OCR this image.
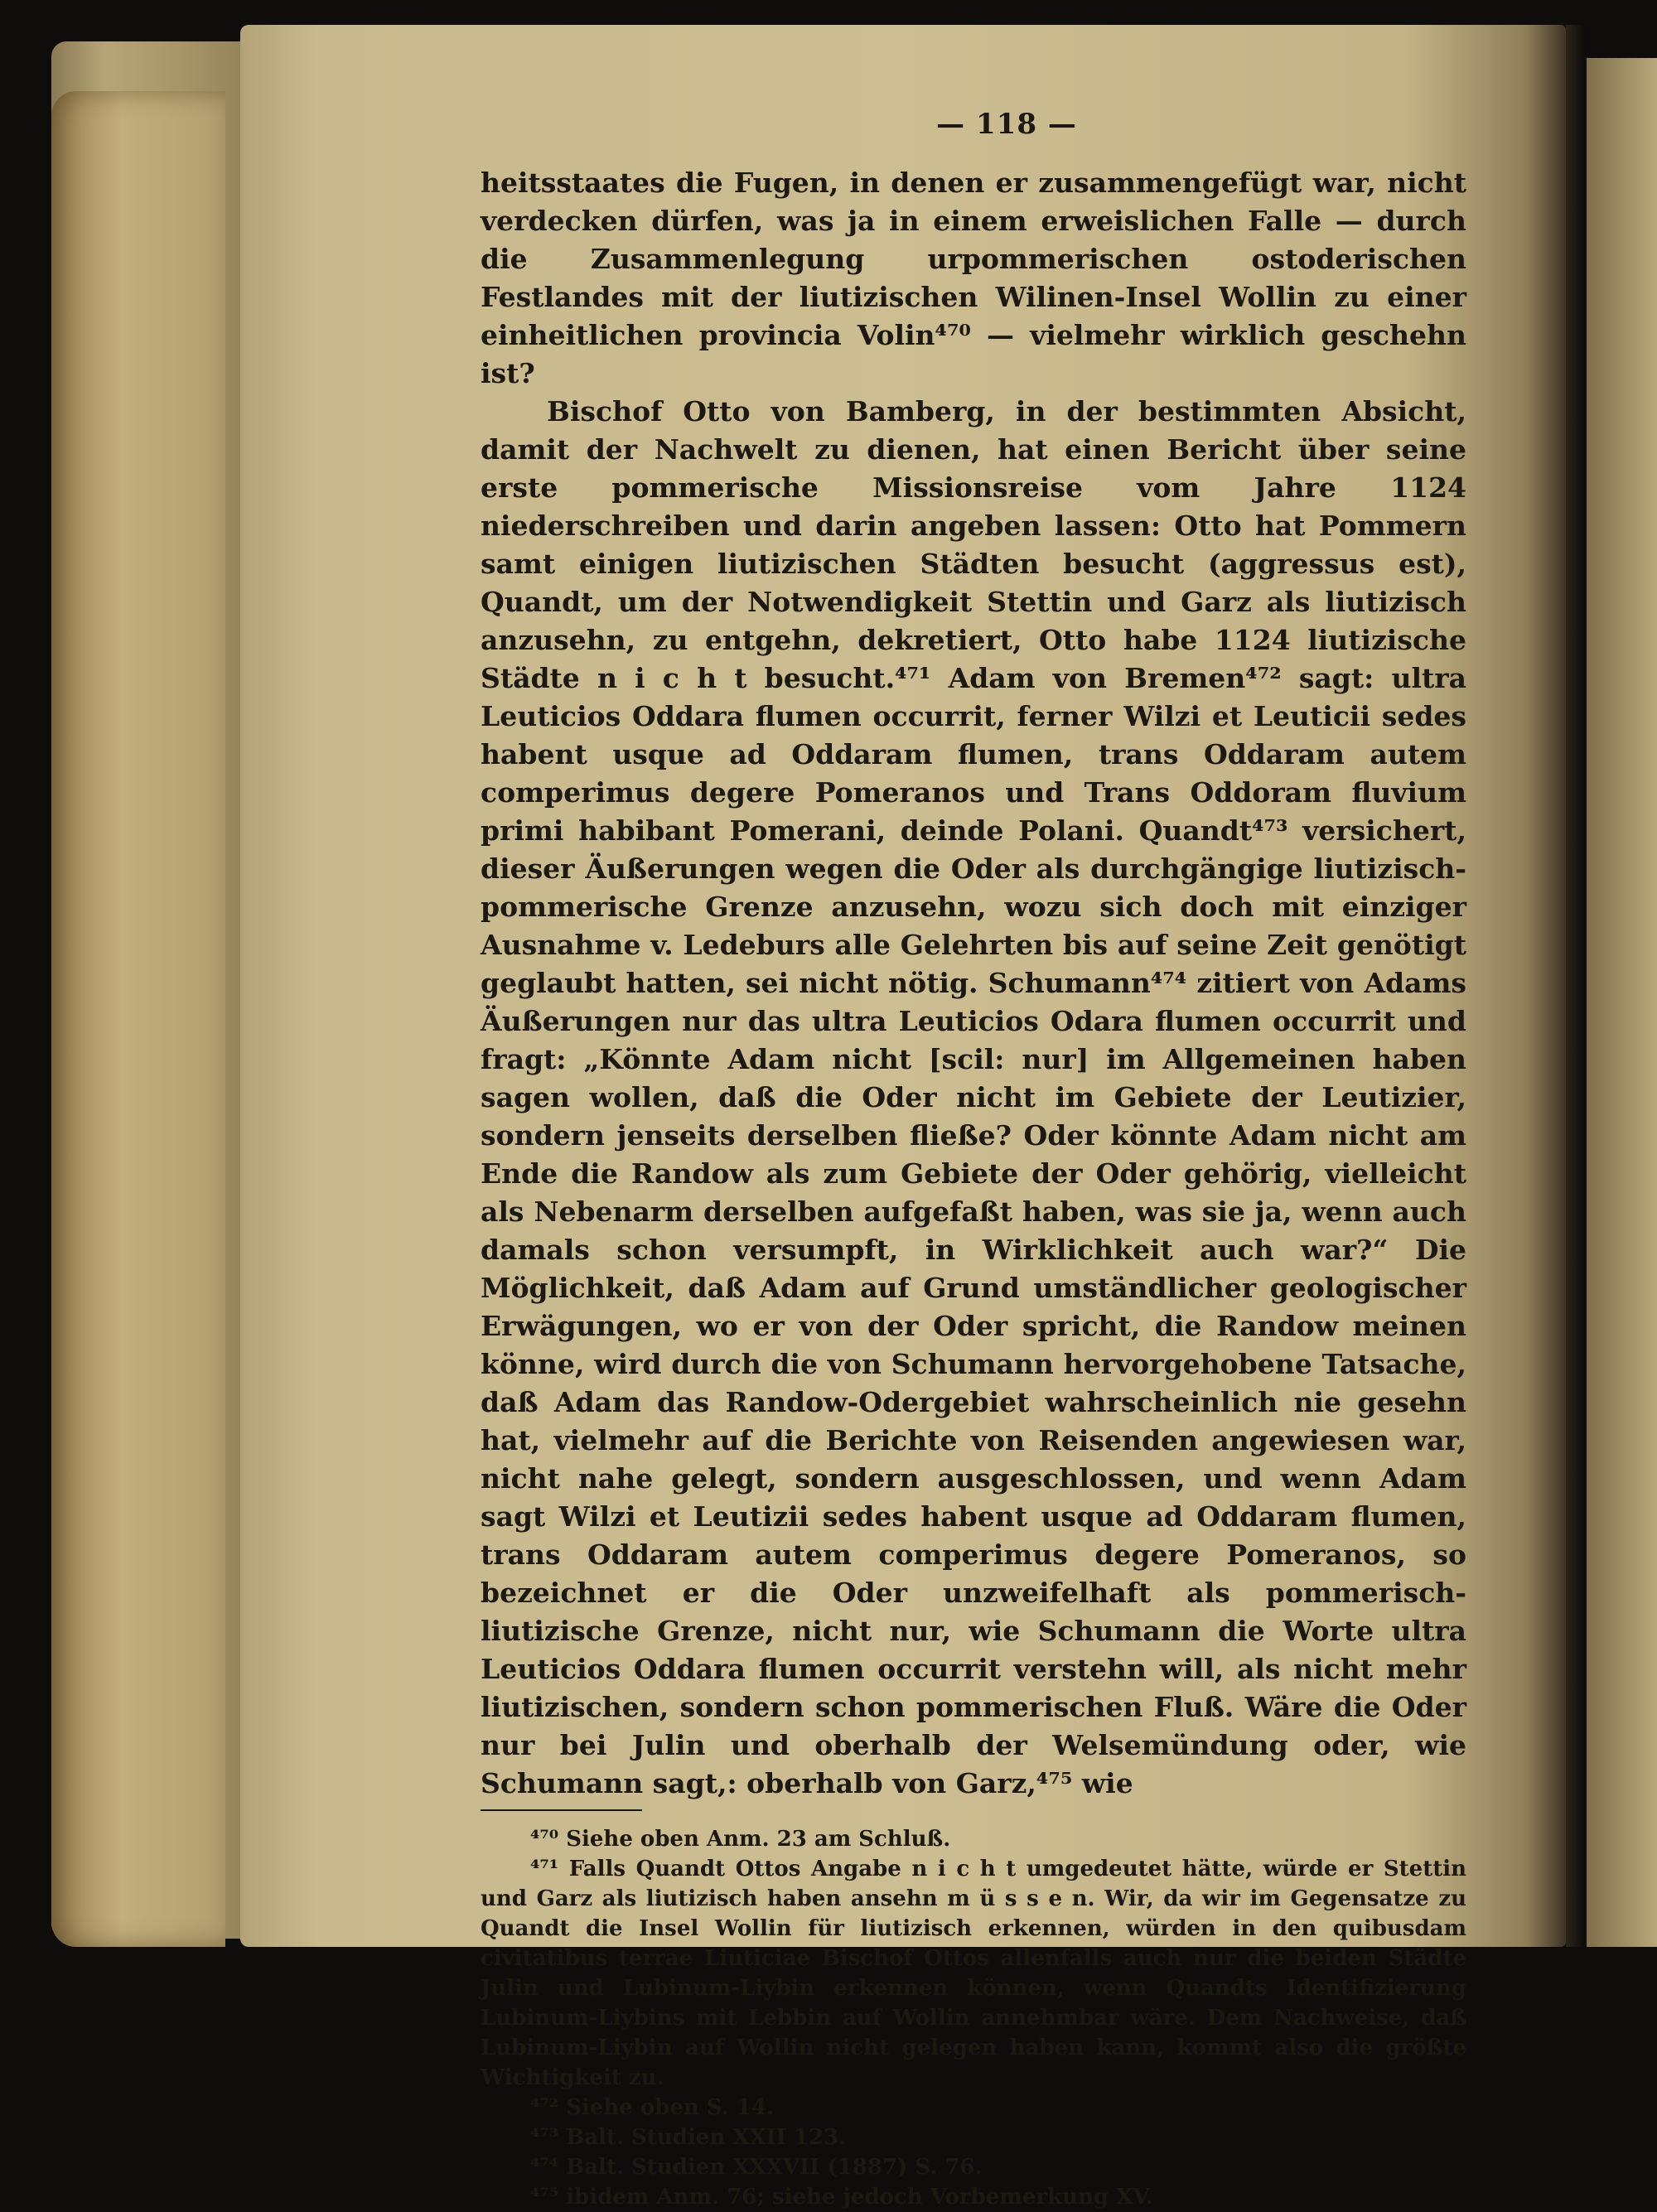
— 118 —

heitsstaates die Fugen, in denen er zusammengefügt war, nicht verdecken dürfen, was ja in einem erweislichen Falle — durch die Zusammenlegung urpommerischen ostoderischen Festlandes mit der liutizischen Wilinen-Insel Wollin zu einer einheitlichen provincia Volin⁴⁷⁰ — vielmehr wirklich geschehn ist?

Bischof Otto von Bamberg, in der bestimmten Absicht, damit der Nachwelt zu dienen, hat einen Bericht über seine erste pommerische Missionsreise vom Jahre 1124 niederschreiben und darin angeben lassen: Otto hat Pommern samt einigen liutizischen Städten besucht (aggressus est), Quandt, um der Notwendigkeit Stettin und Garz als liutizisch anzusehn, zu entgehn, dekretiert, Otto habe 1124 liutizische Städte n i c h t besucht.⁴⁷¹ Adam von Bremen⁴⁷² sagt: ultra Leuticios Oddara flumen occurrit, ferner Wilzi et Leuticii sedes habent usque ad Oddaram flumen, trans Oddaram autem comperimus degere Pomeranos und Trans Oddoram fluvium primi habibant Pomerani, deinde Polani. Quandt⁴⁷³ versichert, dieser Äußerungen wegen die Oder als durchgängige liutizisch-pommerische Grenze anzusehn, wozu sich doch mit einziger Ausnahme v. Ledeburs alle Gelehrten bis auf seine Zeit genötigt geglaubt hatten, sei nicht nötig. Schumann⁴⁷⁴ zitiert von Adams Äußerungen nur das ultra Leuticios Odara flumen occurrit und fragt: „Könnte Adam nicht [scil: nur] im Allgemeinen haben sagen wollen, daß die Oder nicht im Gebiete der Leutizier, sondern jenseits derselben fließe? Oder könnte Adam nicht am Ende die Randow als zum Gebiete der Oder gehörig, vielleicht als Nebenarm derselben aufgefaßt haben, was sie ja, wenn auch damals schon versumpft, in Wirklichkeit auch war?“ Die Möglichkeit, daß Adam auf Grund umständlicher geologischer Erwägungen, wo er von der Oder spricht, die Randow meinen könne, wird durch die von Schumann hervorgehobene Tatsache, daß Adam das Randow-Odergebiet wahrscheinlich nie gesehn hat, vielmehr auf die Berichte von Reisenden angewiesen war, nicht nahe gelegt, sondern ausgeschlossen, und wenn Adam sagt Wilzi et Leutizii sedes habent usque ad Oddaram flumen, trans Oddaram autem comperimus degere Pomeranos, so bezeichnet er die Oder unzweifelhaft als pommerisch-liutizische Grenze, nicht nur, wie Schumann die Worte ultra Leuticios Oddara flumen occurrit verstehn will, als nicht mehr liutizischen, sondern schon pommerischen Fluß. Wäre die Oder nur bei Julin und oberhalb der Welsemündung oder, wie Schumann sagt,: oberhalb von Garz,⁴⁷⁵ wie

⁴⁷⁰ Siehe oben Anm. 23 am Schluß.

⁴⁷¹ Falls Quandt Ottos Angabe n i c h t umgedeutet hätte, würde er Stettin und Garz als liutizisch haben ansehn m ü s s e n. Wir, da wir im Gegensatze zu Quandt die Insel Wollin für liutizisch erkennen, würden in den quibusdam civitatibus terrae Liuticiae Bischof Ottos allenfalls auch nur die beiden Städte Julin und Lubinum-Liybin erkennen können, wenn Quandts Identifizierung Lubinum-Liybins mit Lebbin auf Wollin annehmbar wäre. Dem Nachweise, daß Lubinum-Liybin auf Wollin nicht gelegen haben kann, kommt also die größte Wichtigkeit zu.

⁴⁷² Siehe oben S. 14.

⁴⁷³ Balt. Studien XXII 123.

⁴⁷⁴ Balt. Studien XXXVII (1887) S. 76.

⁴⁷⁵ ibidem Anm. 76; siehe jedoch Vorbemerkung XV.
